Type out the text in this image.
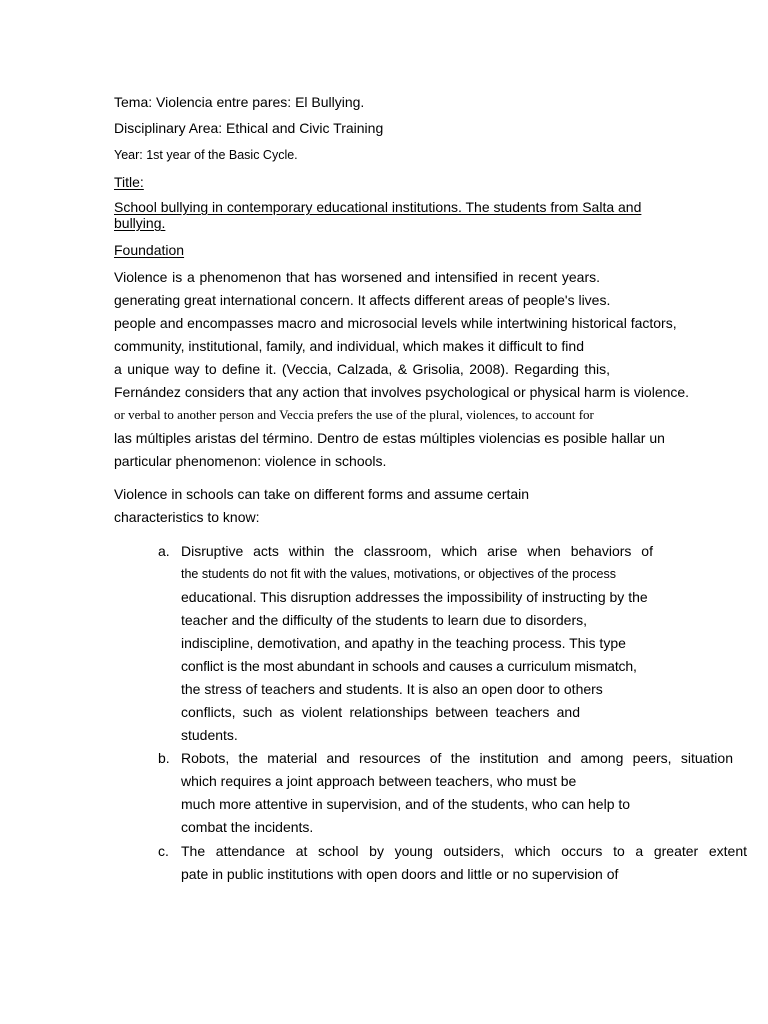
Tema: Violencia entre pares: El Bullying.
Disciplinary Area: Ethical and Civic Training
Year: 1st year of the Basic Cycle.
Title:
School bullying in contemporary educational institutions. The students from Salta and
bullying.
Foundation
Violence is a phenomenon that has worsened and intensified in recent years.
generating great international concern. It affects different areas of people's lives.
people and encompasses macro and microsocial levels while intertwining historical factors,
community, institutional, family, and individual, which makes it difficult to find
a unique way to define it. (Veccia, Calzada, & Grisolia, 2008). Regarding this,
Fernández considers that any action that involves psychological or physical harm is violence.
or verbal to another person and Veccia prefers the use of the plural, violences, to account for
las múltiples aristas del término. Dentro de estas múltiples violencias es posible hallar un
particular phenomenon: violence in schools.
Violence in schools can take on different forms and assume certain
characteristics to know:
a. Disruptive acts within the classroom, which arise when behaviors of
the students do not fit with the values, motivations, or objectives of the process
educational. This disruption addresses the impossibility of instructing by the
teacher and the difficulty of the students to learn due to disorders,
indiscipline, demotivation, and apathy in the teaching process. This type
conflict is the most abundant in schools and causes a curriculum mismatch,
the stress of teachers and students. It is also an open door to others
conflicts, such as violent relationships between teachers and
students.
b. Robots, the material and resources of the institution and among peers, situation
which requires a joint approach between teachers, who must be
much more attentive in supervision, and of the students, who can help to
combat the incidents.
c. The attendance at school by young outsiders, which occurs to a greater extent
pate in public institutions with open doors and little or no supervision of
